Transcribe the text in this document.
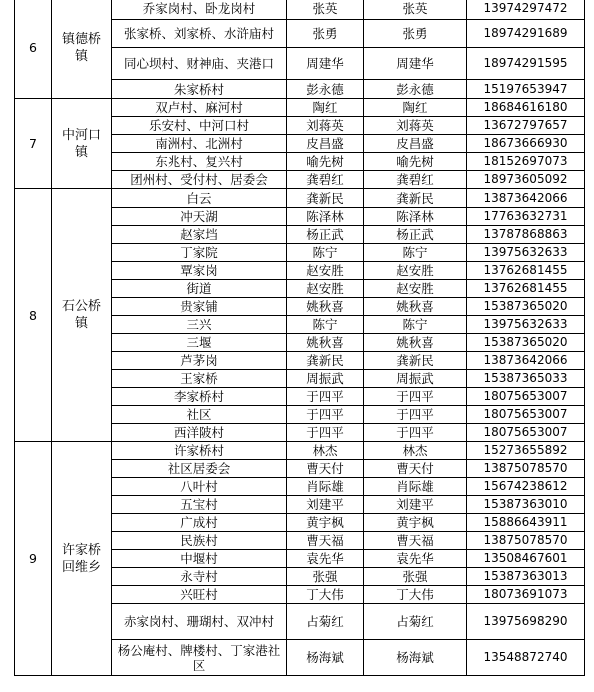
6	镇德桥镇	乔家岗村、卧龙岗村	张英	张英	13974297472
		张家桥、刘家桥、水浒庙村	张勇	张勇	18974291689
		同心坝村、财神庙、夹港口	周建华	周建华	18974291595
		朱家桥村	彭永德	彭永德	15197653947
7	中河口镇	双卢村、麻河村	陶红	陶红	18684616180
		乐安村、中河口村	刘蒋英	刘蒋英	13672797657
		南洲村、北洲村	皮昌盛	皮昌盛	18673666930
		东兆村、复兴村	喻先树	喻先树	18152697073
		团州村、受付村、居委会	龚碧红	龚碧红	18973605092
8	石公桥镇	白云	龚新民	龚新民	13873642066
		冲天湖	陈泽林	陈泽林	17763632731
		赵家垱	杨正武	杨正武	13787868863
		丁家院	陈宁	陈宁	13975632633
		覃家岗	赵安胜	赵安胜	13762681455
		街道	赵安胜	赵安胜	13762681455
		贵家铺	姚秋喜	姚秋喜	15387365020
		三兴	陈宁	陈宁	13975632633
		三堰	姚秋喜	姚秋喜	15387365020
		芦茅岗	龚新民	龚新民	13873642066
		王家桥	周振武	周振武	15387365033
		李家桥村	于四平	于四平	18075653007
		社区	于四平	于四平	18075653007
		西洋陂村	于四平	于四平	18075653007
9	许家桥回维乡	许家桥村	林杰	林杰	15273655892
		社区居委会	曹天付	曹天付	13875078570
		八叶村	肖际雄	肖际雄	15674238612
		五宝村	刘建平	刘建平	15387363010
		广成村	黄宇枫	黄宇枫	15886643911
		民族村	曹天福	曹天福	13875078570
		中堰村	袁先华	袁先华	13508467601
		永寺村	张强	张强	15387363013
		兴旺村	丁大伟	丁大伟	18073691073
		赤家岗村、珊瑚村、双冲村	占菊红	占菊红	13975698290
		杨公庵村、牌楼村、丁家港社区	杨海斌	杨海斌	13548872740
